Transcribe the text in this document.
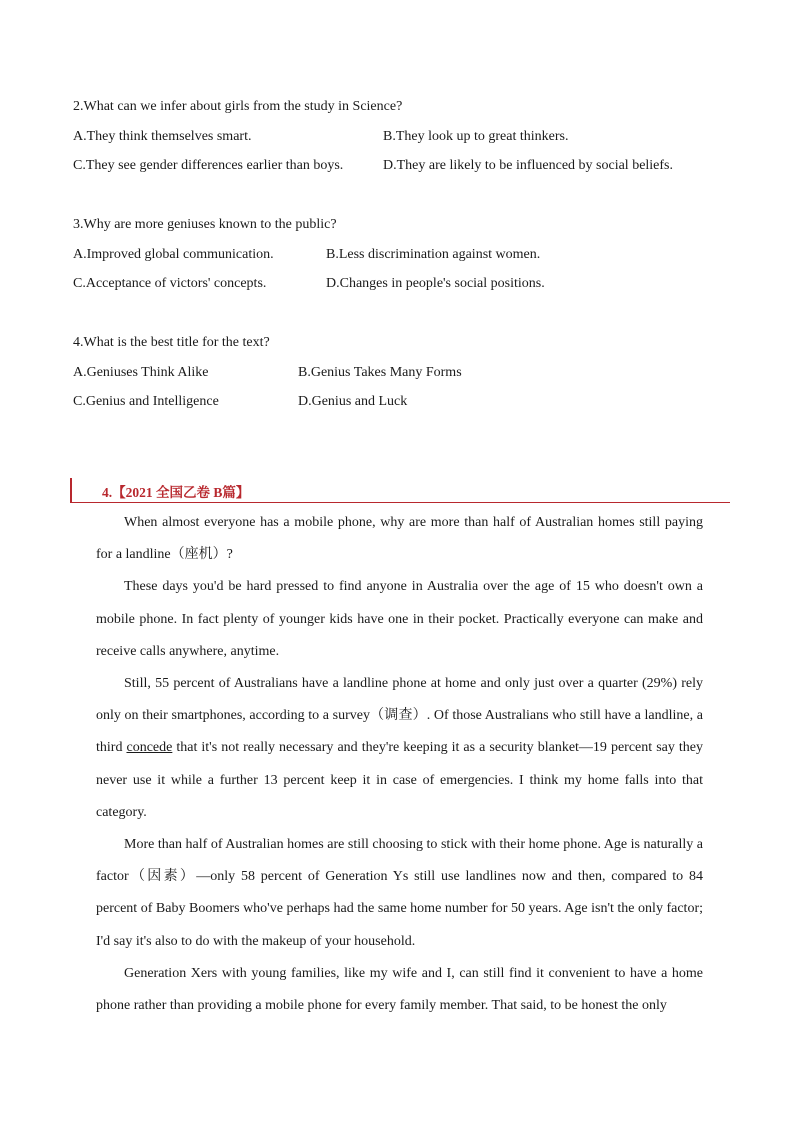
2.What can we infer about girls from the study in Science?
A.They think themselves smart.	B.They look up to great thinkers.
C.They see gender differences earlier than boys.	D.They are likely to be influenced by social beliefs.
3.Why are more geniuses known to the public?
A.Improved global communication.	B.Less discrimination against women.
C.Acceptance of victors' concepts.	D.Changes in people's social positions.
4.What is the best title for the text?
A.Geniuses Think Alike	B.Genius Takes Many Forms
C.Genius and Intelligence	D.Genius and Luck
4.【2021 全国乙卷 B篇】

When almost everyone has a mobile phone, why are more than half of Australian homes still paying for a landline（座机）?

These days you'd be hard pressed to find anyone in Australia over the age of 15 who doesn't own a mobile phone. In fact plenty of younger kids have one in their pocket. Practically everyone can make and receive calls anywhere, anytime.

Still, 55 percent of Australians have a landline phone at home and only just over a quarter (29%) rely only on their smartphones, according to a survey（调查）. Of those Australians who still have a landline, a third concede that it's not really necessary and they're keeping it as a security blanket—19 percent say they never use it while a further 13 percent keep it in case of emergencies. I think my home falls into that category.

More than half of Australian homes are still choosing to stick with their home phone. Age is naturally a factor（因素）—only 58 percent of Generation Ys still use landlines now and then, compared to 84 percent of Baby Boomers who've perhaps had the same home number for 50 years. Age isn't the only factor; I'd say it's also to do with the makeup of your household.

Generation Xers with young families, like my wife and I, can still find it convenient to have a home phone rather than providing a mobile phone for every family member. That said, to be honest the only
